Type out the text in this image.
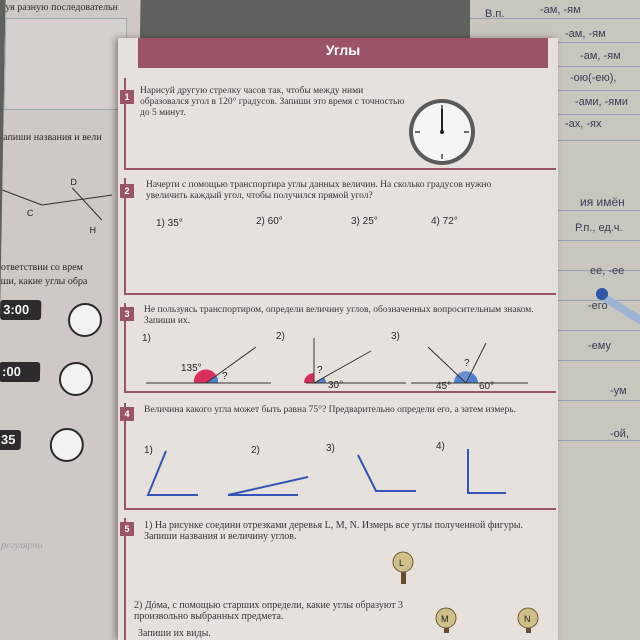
В.п.	-ам, -ям
-ам, -ям
-ам, -ям
-ою(-ею),
-ами, -ями
-ах, -ях
ия имён
Р.п., ед.ч.
ее, -ее
-его
-ему
-ум
-ой,
уя разную последовательн
апиши названия и вели
D
C
H
ответствии со врем
ши, какие углы обра
3:00
:00
35
регулярни
Углы
1
Нарисуй другую стрелку часов так, чтобы между ними образовался угол в 120° градусов. Запиши это время с точностью до 5 минут.
2
Начерти с помощью транспортира углы данных величин. На сколько градусов нужно увеличить каждый угол, чтобы получился прямой угол?
1) 35°	2) 60°	3) 25°	4) 72°
3	Не пользуясь транспортиром, определи величину углов, обозначенных вопросительным знаком. Запиши их.
1)	2)	3)
135°
?
?
30°
?
45°	60°
4	Величина какого угла может быть равна 75°? Предварительно определи его, а затем измерь.
1)	2)	3)	4)
5	1) На рисунке соедини отрезками деревья L, M, N. Измерь все углы полученной фигуры. Запиши названия и величину углов.
L
M	N
2) Дóма, с помощью старших определи, какие углы образуют 3 произвольно выбранных предмета.
Запиши их виды.
